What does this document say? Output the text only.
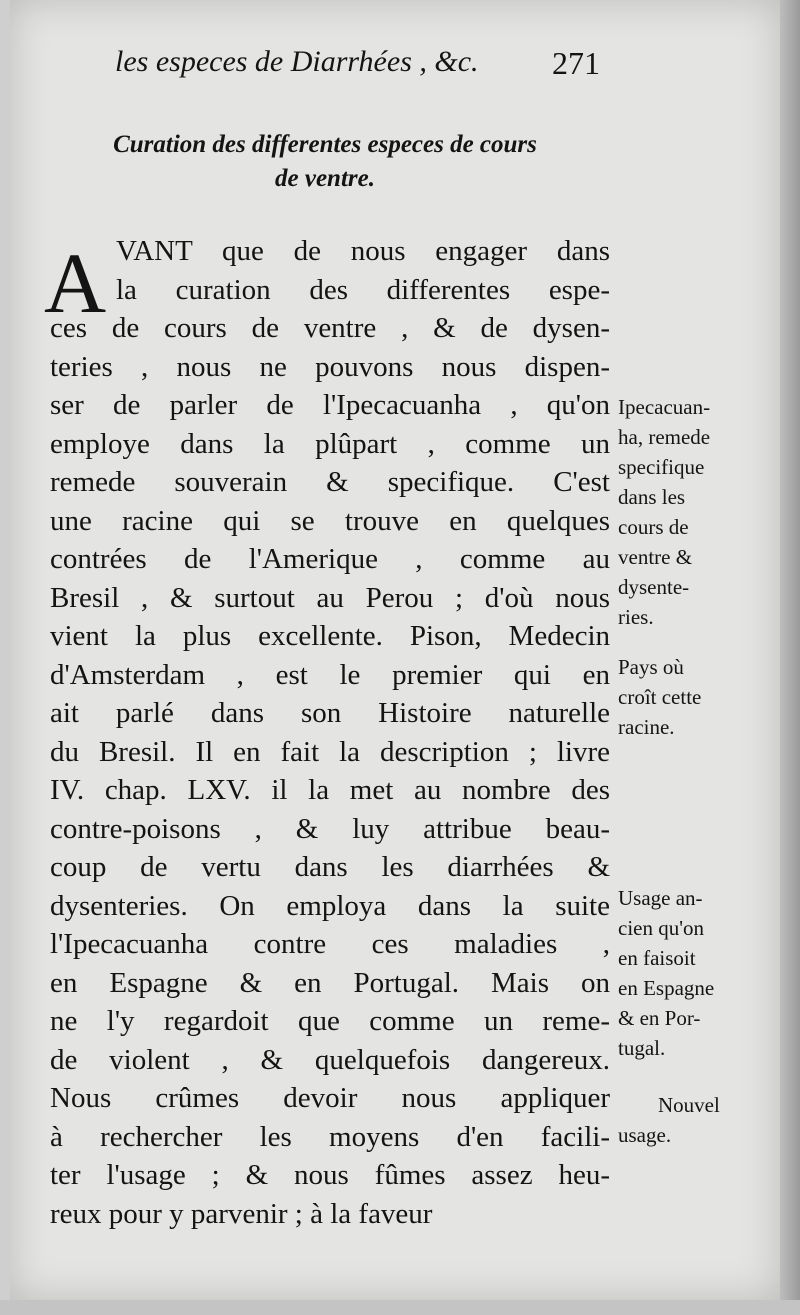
les especes de Diarrhées , &c. 271
Curation des differentes especes de cours
de ventre.
A VANT que de nous engager dans
la curation des differentes espe-
ces de cours de ventre , & de dysen-
teries , nous ne pouvons nous dispen-
ser de parler de l'Ipecacuanha , qu'on
employe dans la plûpart , comme un
remede souverain & specifique. C'est
une racine qui se trouve en quelques
contrées de l'Amerique , comme au
Bresil , & surtout au Perou ; d'où nous
vient la plus excellente. Pison, Medecin
d'Amsterdam , est le premier qui en
ait parlé dans son Histoire naturelle
du Bresil. Il en fait la description ; livre
IV. chap. LXV. il la met au nombre des
contre-poisons , & luy attribue beau-
coup de vertu dans les diarrhées &
dysenteries. On employa dans la suite
l'Ipecacuanha contre ces maladies ,
en Espagne & en Portugal. Mais on
ne l'y regardoit que comme un reme-
de violent , & quelquefois dangereux.
Nous crûmes devoir nous appliquer
à rechercher les moyens d'en facili-
ter l'usage ; & nous fûmes assez heu-
reux pour y parvenir ; à la faveur
Ipecacuan-
ha, remede
specifique
dans les
cours de
ventre &
dysente-
ries.
Pays où
croît cette
racine.
Usage an-
cien qu'on
en faisoit
en Espagne
& en Por-
tugal.
Nouvel
usage.
